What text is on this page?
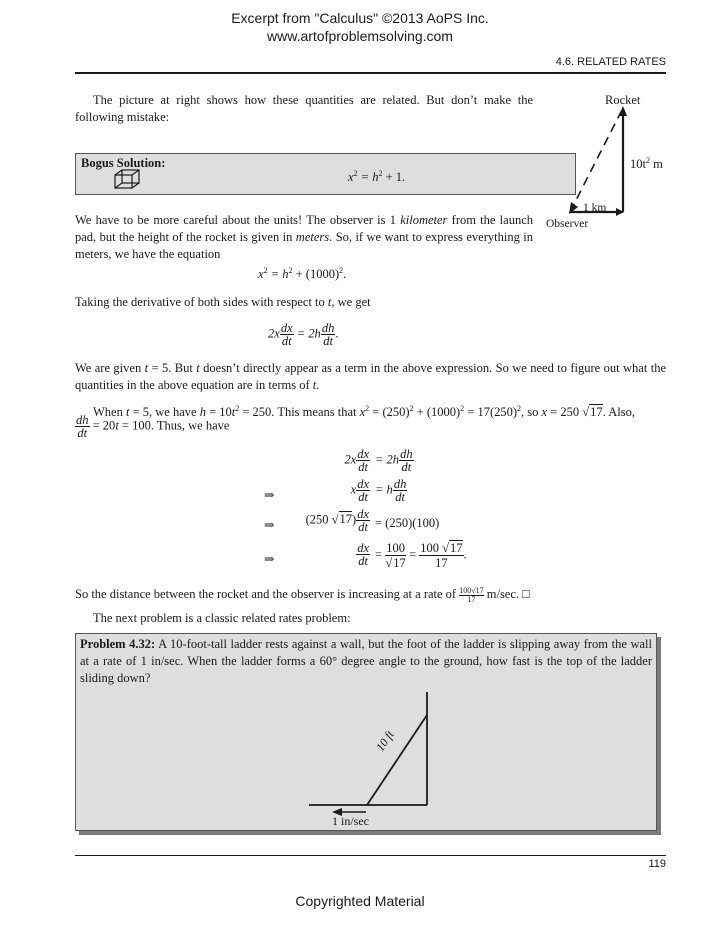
Excerpt from "Calculus" ©2013 AoPS Inc.
www.artofproblemsolving.com
4.6. RELATED RATES
Rocket
$10t^2$ m
1 km
Observer
The picture at right shows how these quantities are related. But don’t make the following mistake:
Bogus Solution:
$x^2 = h^2 + 1$.
We have to be more careful about the units! The observer is 1 kilometer from the launch pad, but the height of the rocket is given in meters. So, if we want to express everything in meters, we have the equation
$x^2 = h^2 + (1000)^2$.
Taking the derivative of both sides with respect to t, we get
$2x \frac{dx}{dt} = 2h \frac{dh}{dt}$ .
We are given t = 5. But t doesn’t directly appear as a term in the above expression. So we need to figure out what the quantities in the above equation are in terms of t.
When t = 5, we have $h = 10t^2 = 250$. This means that $x^2 = (250)^2 + (1000)^2 = 17(250)^2$, so x = 250 √17. Also,
$\frac{dh}{dt} = 20t = 100$. Thus, we have
$2x \frac{dx}{dt} = 2h \frac{dh}{dt}$
⇒	x $\frac{dx}{dt} = h \frac{dh}{dt}$
⇒ (250 $√17) \frac{dx}{dt} = (250)(100)$
⇒	$\frac{dx}{dt} = \frac{100}{√17} = \frac{100 √17}{17}$ .
So the distance between the rocket and the observer is increasing at a rate of $\frac{100√17}{17} m/\sec$. □
The next problem is a classic related rates problem:
Problem 4.32: A 10-foot-tall ladder rests against a wall, but the foot of the ladder is slipping away from the wall at a rate of 1 in/sec. When the ladder forms a 60° degree angle to the ground, how fast is the top of the ladder sliding down?
10 ft
1 in/sec
119
Copyrighted Material
